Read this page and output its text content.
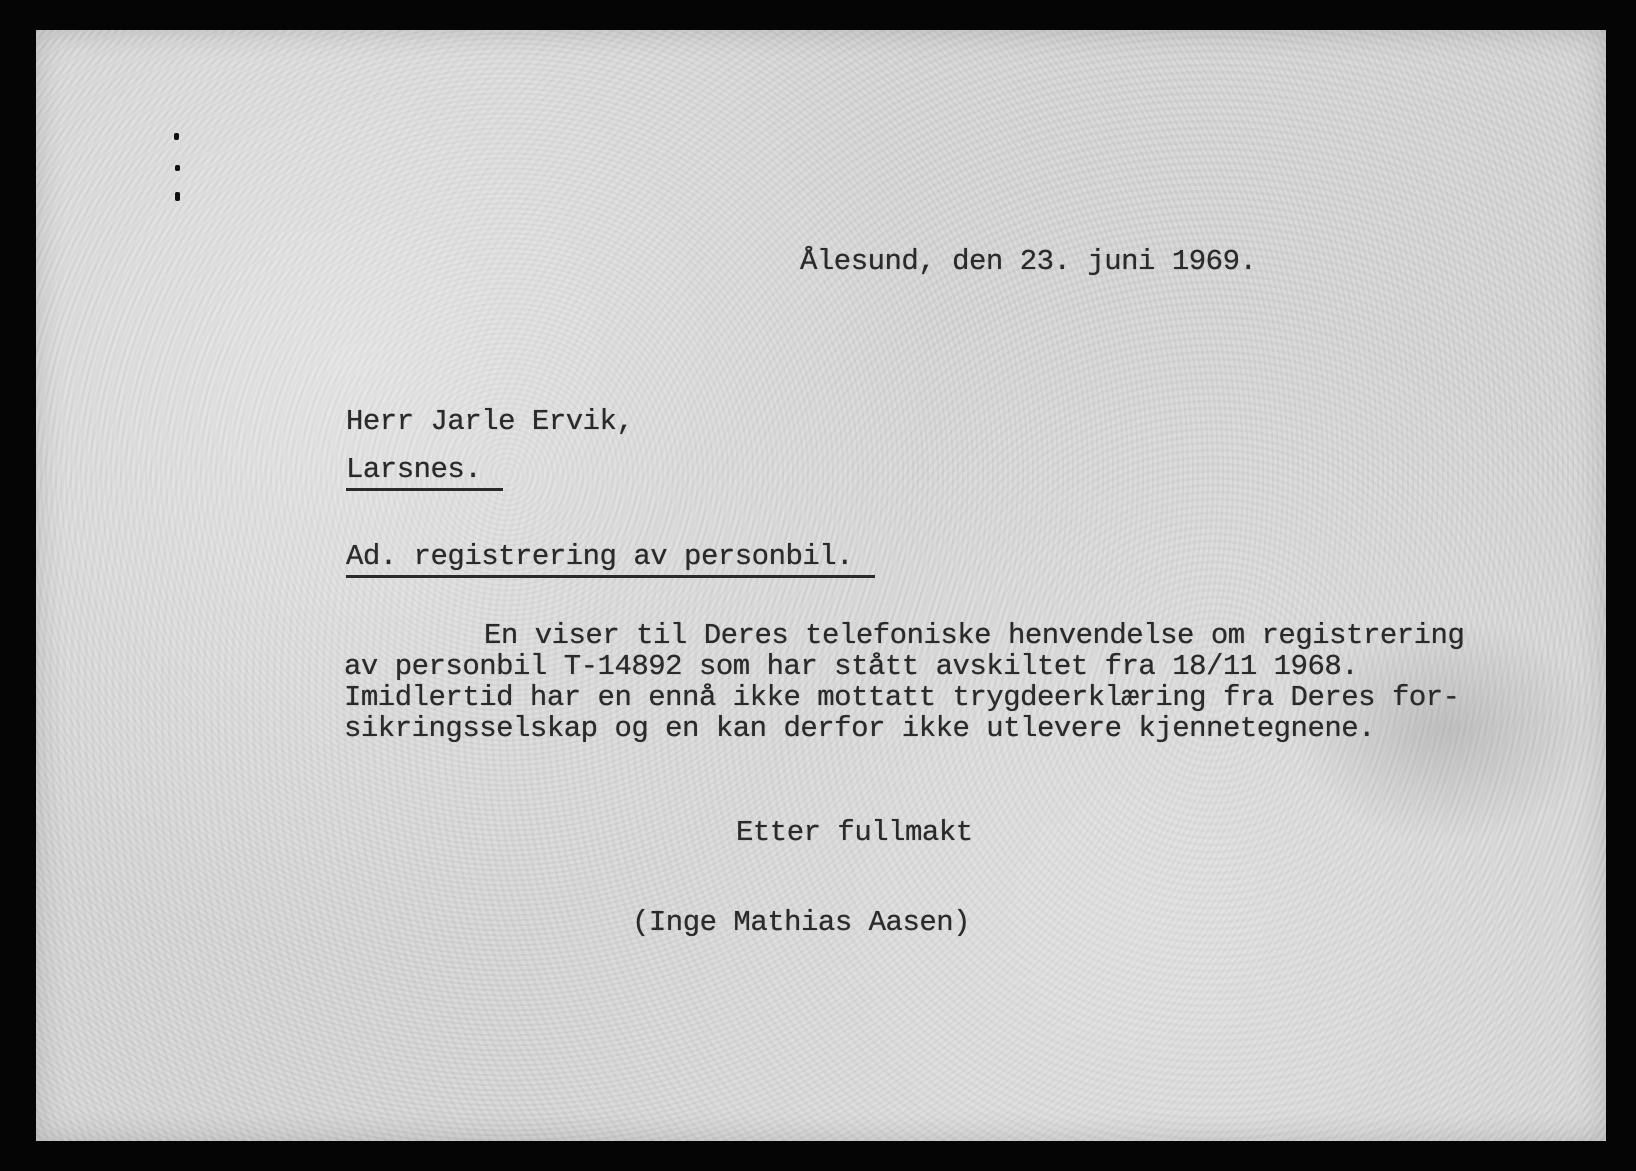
Ålesund, den 23. juni 1969.
Herr Jarle Ervik,
Larsnes.
Ad. registrering av personbil.
En viser til Deres telefoniske henvendelse om registrering
av personbil T-14892 som har stått avskiltet fra 18/11 1968.
Imidlertid har en ennå ikke mottatt trygdeerklæring fra Deres for-
sikringsselskap og en kan derfor ikke utlevere kjennetegnene.
Etter fullmakt
(Inge Mathias Aasen)
